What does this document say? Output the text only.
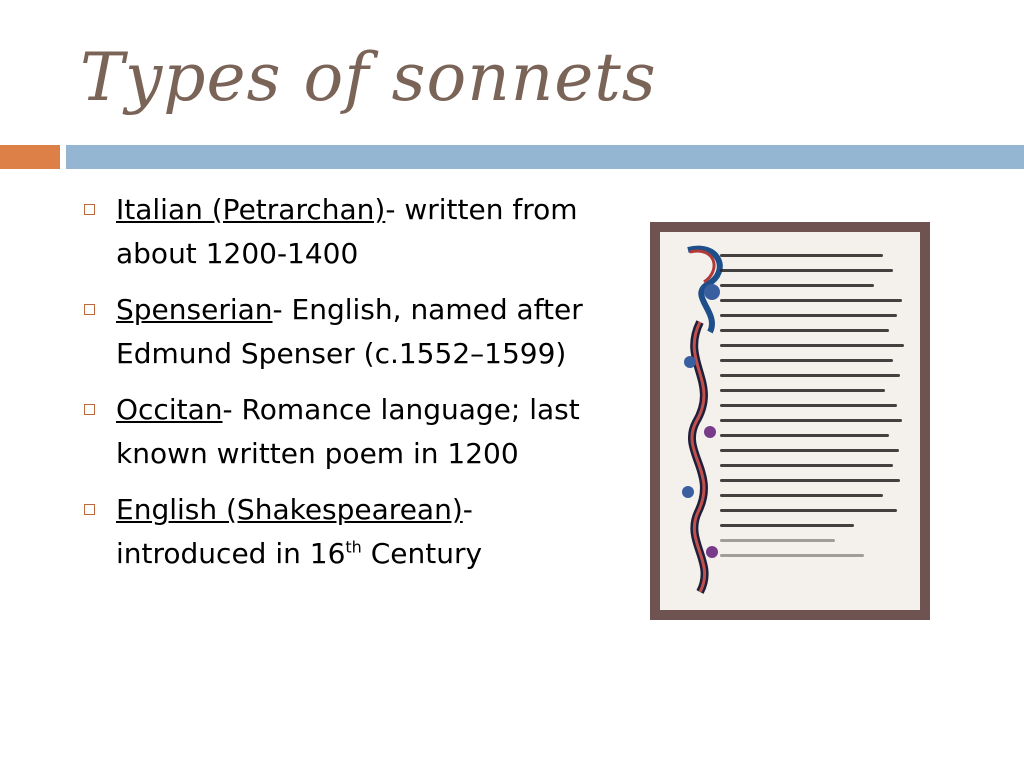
Types of sonnets
Italian (Petrarchan)- written from about 1200-1400
Spenserian- English, named after Edmund Spenser (c.1552–1599)
Occitan- Romance language; last known written poem in 1200
English (Shakespearean)- introduced in 16th Century
